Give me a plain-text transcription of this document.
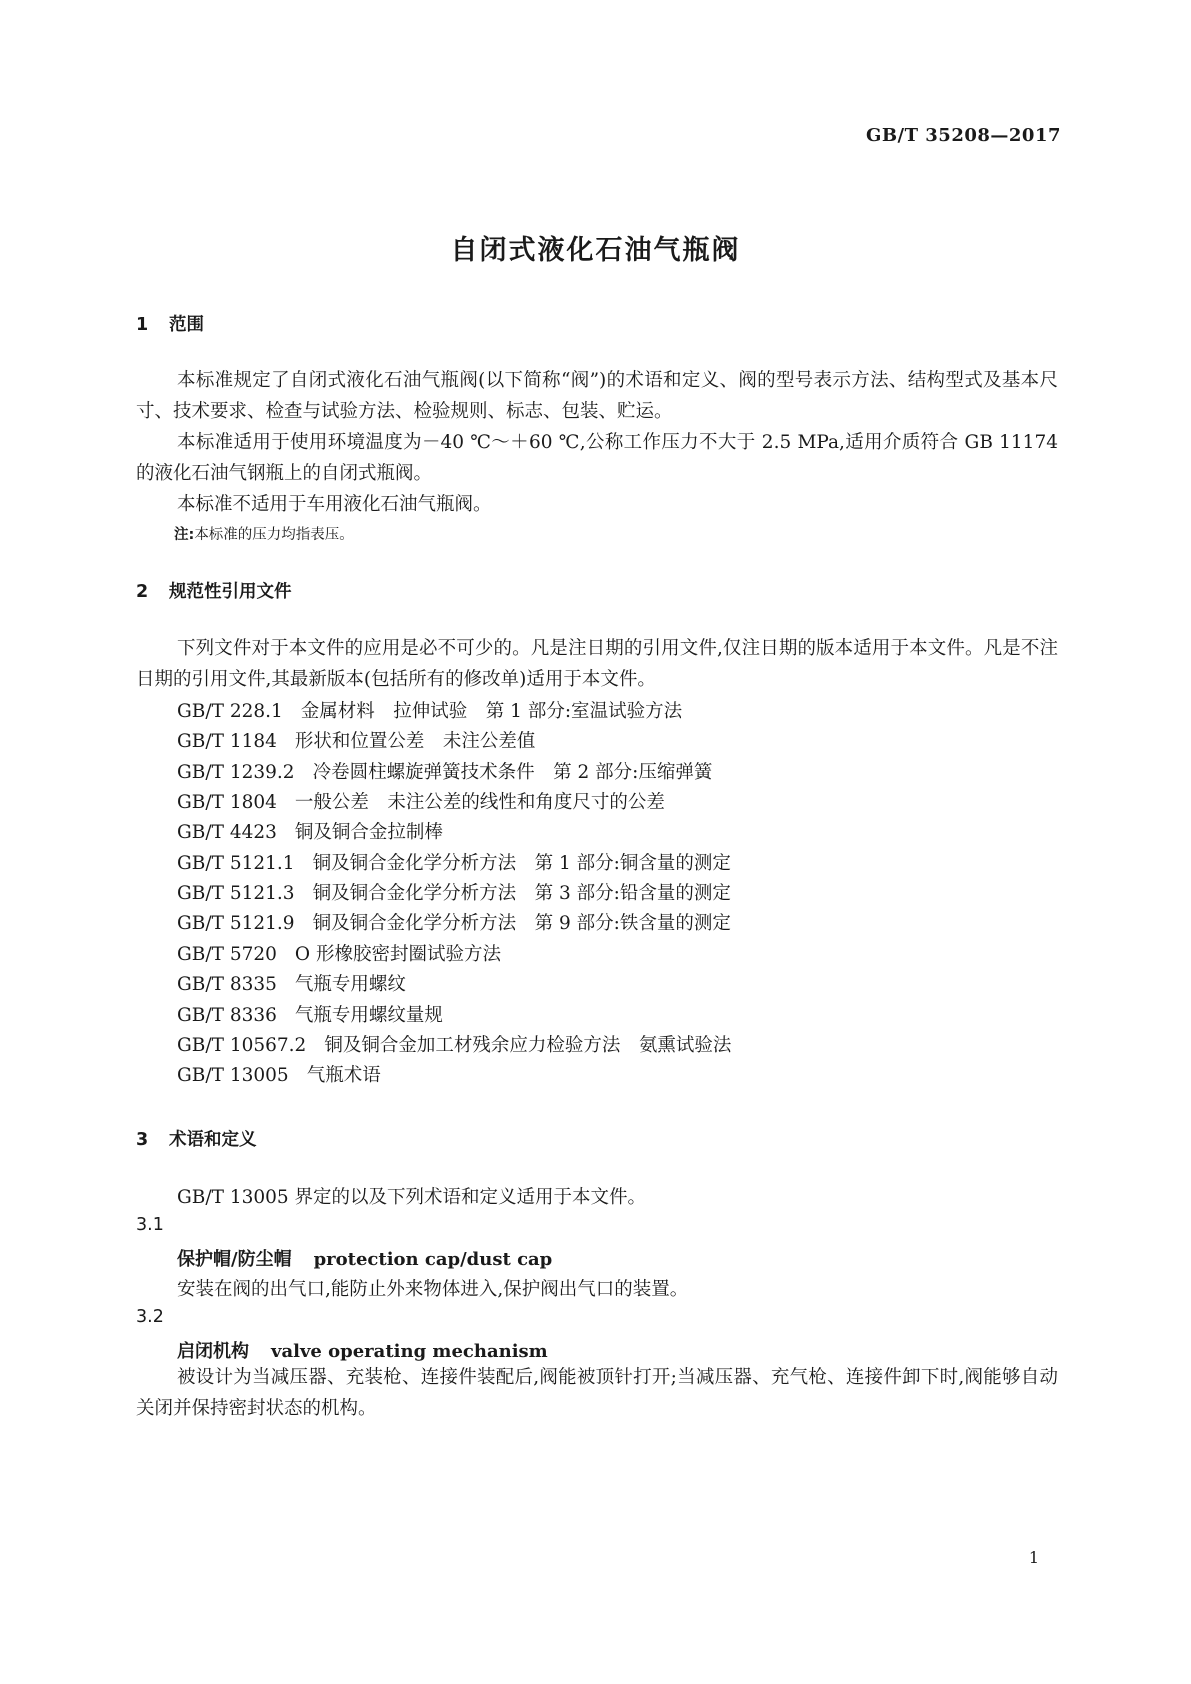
GB/T 35208—2017
自闭式液化石油气瓶阀
1 范围
本标准规定了自闭式液化石油气瓶阀(以下简称“阀”)的术语和定义、阀的型号表示方法、结构型式及基本尺寸、技术要求、检查与试验方法、检验规则、标志、包装、贮运。
本标准适用于使用环境温度为－40 ℃～＋60 ℃,公称工作压力不大于 2.5 MPa,适用介质符合 GB 11174 的液化石油气钢瓶上的自闭式瓶阀。
本标准不适用于车用液化石油气瓶阀。
注:本标准的压力均指表压。
2 规范性引用文件
下列文件对于本文件的应用是必不可少的。凡是注日期的引用文件,仅注日期的版本适用于本文件。凡是不注日期的引用文件,其最新版本(包括所有的修改单)适用于本文件。
GB/T 228.1 金属材料　拉伸试验　第 1 部分:室温试验方法
GB/T 1184 形状和位置公差　未注公差值
GB/T 1239.2 冷卷圆柱螺旋弹簧技术条件　第 2 部分:压缩弹簧
GB/T 1804 一般公差　未注公差的线性和角度尺寸的公差
GB/T 4423 铜及铜合金拉制棒
GB/T 5121.1 铜及铜合金化学分析方法　第 1 部分:铜含量的测定
GB/T 5121.3 铜及铜合金化学分析方法　第 3 部分:铅含量的测定
GB/T 5121.9 铜及铜合金化学分析方法　第 9 部分:铁含量的测定
GB/T 5720 O 形橡胶密封圈试验方法
GB/T 8335 气瓶专用螺纹
GB/T 8336 气瓶专用螺纹量规
GB/T 10567.2 铜及铜合金加工材残余应力检验方法　氨熏试验法
GB/T 13005 气瓶术语
3 术语和定义
GB/T 13005 界定的以及下列术语和定义适用于本文件。
3.1
保护帽/防尘帽 protection cap/dust cap
安装在阀的出气口,能防止外来物体进入,保护阀出气口的装置。
3.2
启闭机构 valve operating mechanism
被设计为当减压器、充装枪、连接件装配后,阀能被顶针打开;当减压器、充气枪、连接件卸下时,阀能够自动关闭并保持密封状态的机构。
1
